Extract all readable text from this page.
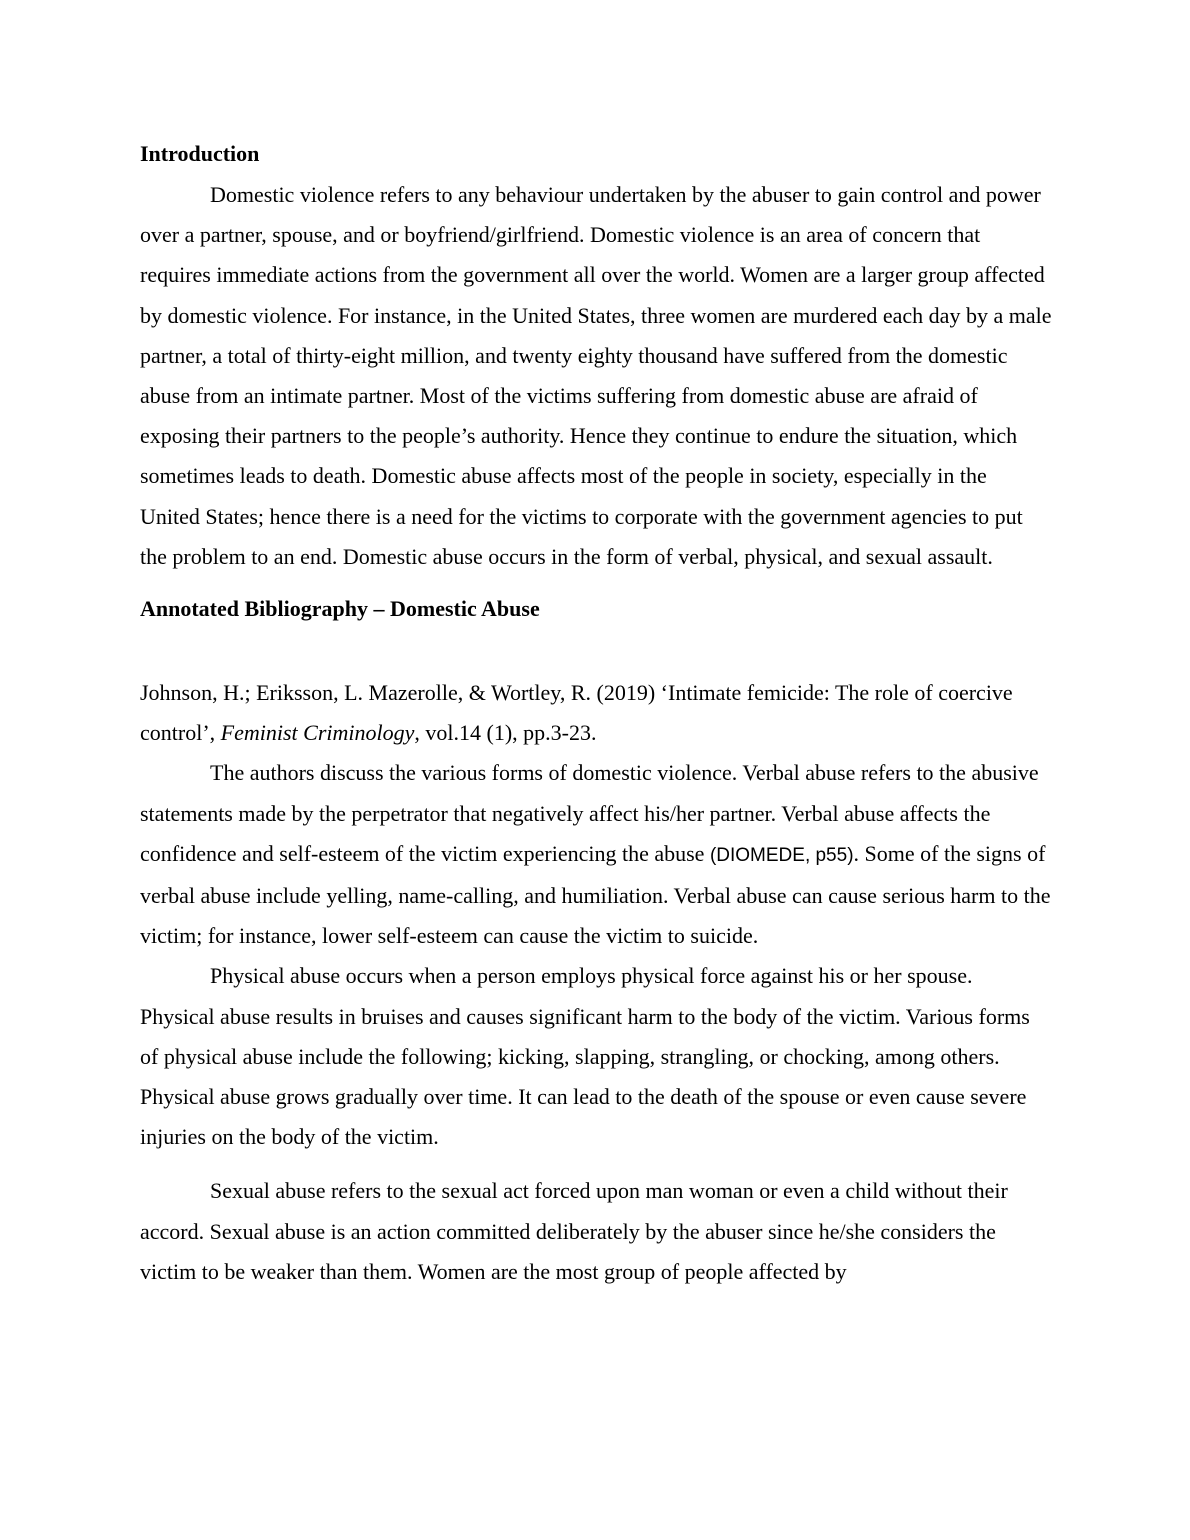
Introduction

Domestic violence refers to any behaviour undertaken by the abuser to gain control and power over a partner, spouse, and or boyfriend/girlfriend. Domestic violence is an area of concern that requires immediate actions from the government all over the world. Women are a larger group affected by domestic violence. For instance, in the United States, three women are murdered each day by a male partner, a total of thirty-eight million, and twenty eighty thousand have suffered from the domestic abuse from an intimate partner. Most of the victims suffering from domestic abuse are afraid of exposing their partners to the people’s authority. Hence they continue to endure the situation, which sometimes leads to death. Domestic abuse affects most of the people in society, especially in the United States; hence there is a need for the victims to corporate with the government agencies to put the problem to an end. Domestic abuse occurs in the form of verbal, physical, and sexual assault.

Annotated Bibliography – Domestic Abuse

Johnson, H.; Eriksson, L. Mazerolle, & Wortley, R. (2019) ‘Intimate femicide: The role of coercive control’, Feminist Criminology, vol.14 (1), pp.3-23.

The authors discuss the various forms of domestic violence. Verbal abuse refers to the abusive statements made by the perpetrator that negatively affect his/her partner. Verbal abuse affects the confidence and self-esteem of the victim experiencing the abuse (DIOMEDE, p55). Some of the signs of verbal abuse include yelling, name-calling, and humiliation. Verbal abuse can cause serious harm to the victim; for instance, lower self-esteem can cause the victim to suicide.

Physical abuse occurs when a person employs physical force against his or her spouse. Physical abuse results in bruises and causes significant harm to the body of the victim. Various forms of physical abuse include the following; kicking, slapping, strangling, or chocking, among others. Physical abuse grows gradually over time. It can lead to the death of the spouse or even cause severe injuries on the body of the victim.

Sexual abuse refers to the sexual act forced upon man woman or even a child without their accord. Sexual abuse is an action committed deliberately by the abuser since he/she considers the victim to be weaker than them. Women are the most group of people affected by
